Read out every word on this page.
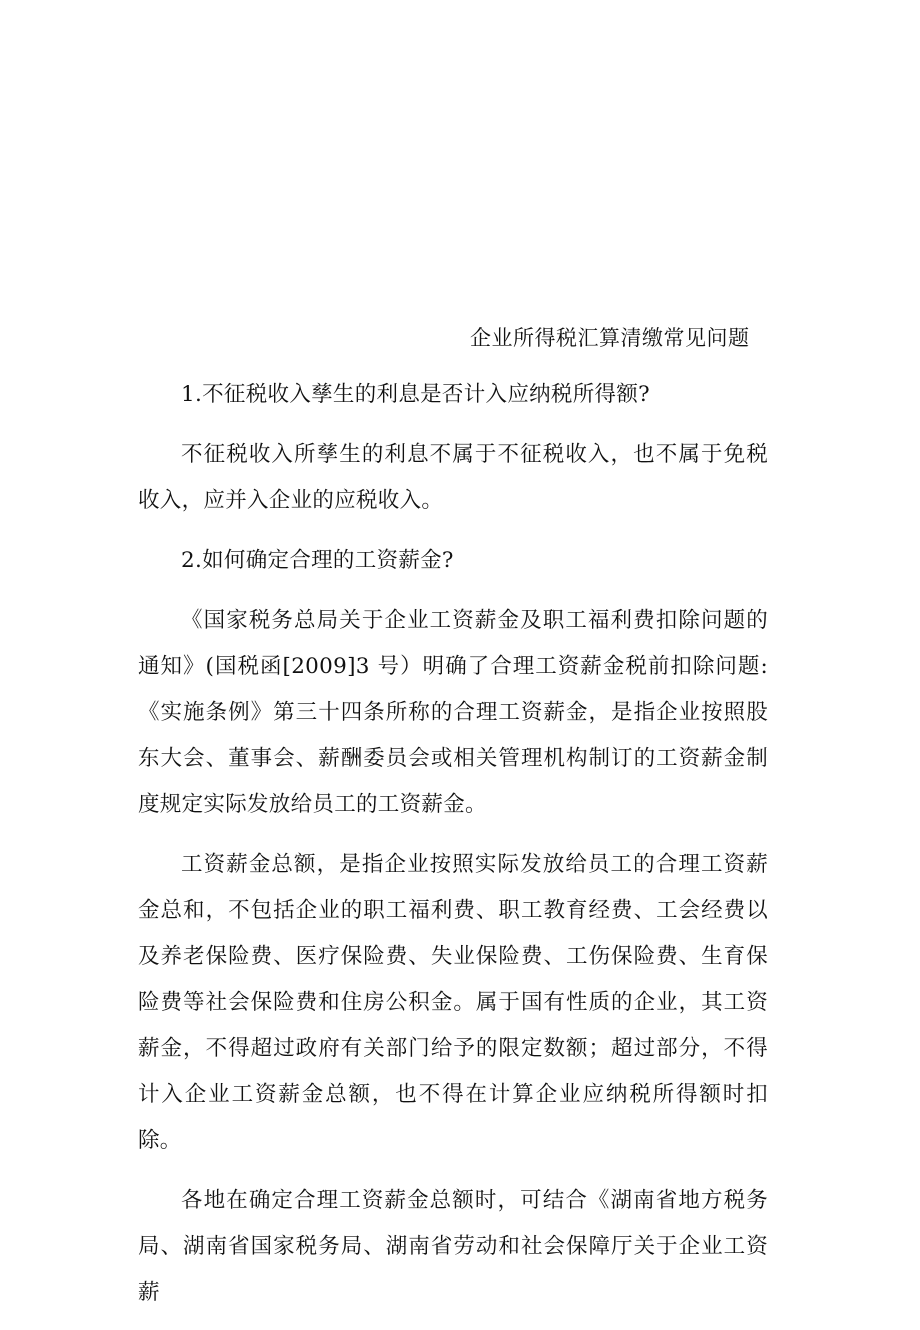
企业所得税汇算清缴常见问题

1.不征税收入孳生的利息是否计入应纳税所得额?

不征税收入所孳生的利息不属于不征税收入，也不属于免税收入，应并入企业的应税收入。

2.如何确定合理的工资薪金?

《国家税务总局关于企业工资薪金及职工福利费扣除问题的通知》(国税函[2009]3 号）明确了合理工资薪金税前扣除问题:《实施条例》第三十四条所称的合理工资薪金，是指企业按照股东大会、董事会、薪酬委员会或相关管理机构制订的工资薪金制度规定实际发放给员工的工资薪金。

工资薪金总额，是指企业按照实际发放给员工的合理工资薪金总和，不包括企业的职工福利费、职工教育经费、工会经费以及养老保险费、医疗保险费、失业保险费、工伤保险费、生育保险费等社会保险费和住房公积金。属于国有性质的企业，其工资薪金，不得超过政府有关部门给予的限定数额；超过部分，不得计入企业工资薪金总额，也不得在计算企业应纳税所得额时扣除。

各地在确定合理工资薪金总额时，可结合《湖南省地方税务局、湖南省国家税务局、湖南省劳动和社会保障厅关于企业工资薪
